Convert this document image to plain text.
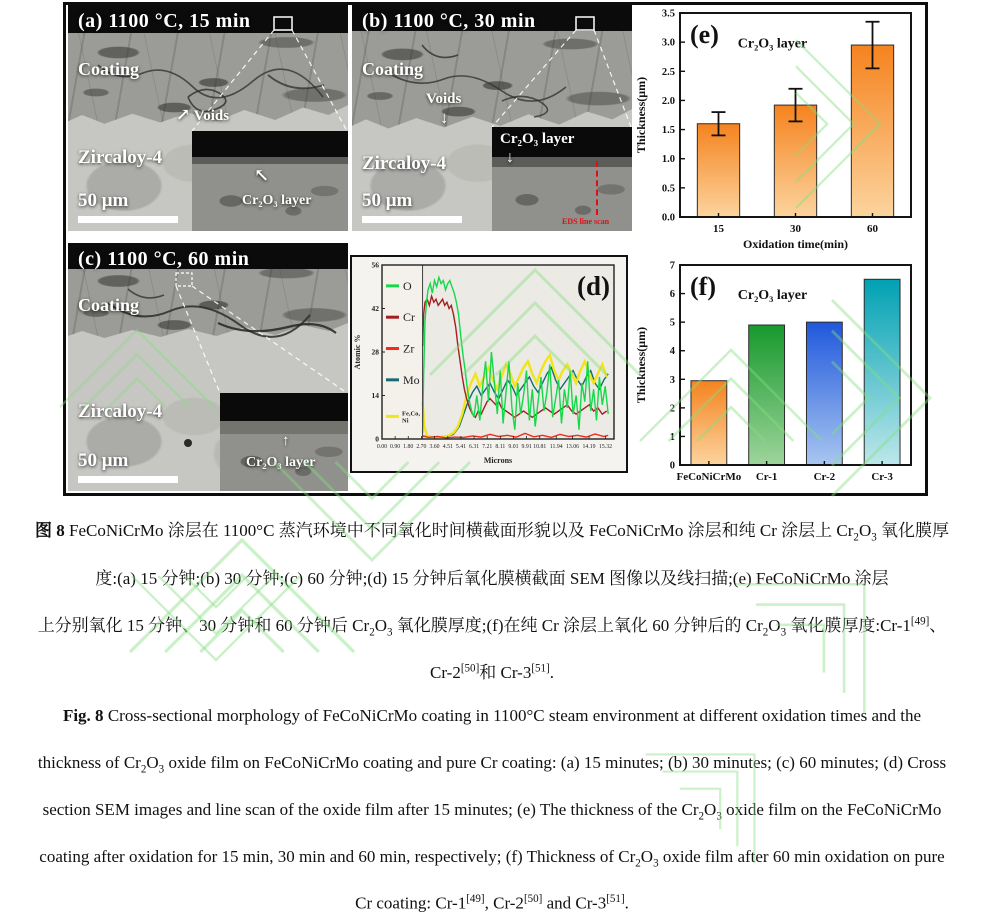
(a) 1100 °C, 15 min
Coating
↗ Voids
Zircaloy-4
↖
Cr₂O₃ layer
50 μm
(b) 1100 °C, 30 min
Coating
Voids
↓
Zircaloy-4
Cr₂O₃ layer
↓
EDS line scan
50 μm
15	30	60
0.0
0.5
1.0
1.5
2.0
2.5
3.0
3.5
Oxidation time(min)
Thickness(μm)
(e) Cr₂O₃ layer
(c) 1100 °C, 60 min
Coating
Zircaloy-4
↑
Cr₂O₃ layer
50 μm
0
14
28
42
56
0.00 0.90 1.80 2.70 3.60 4.51 5.41 6.31 7.21 8.11 9.01 9.91 10.81 11.94 13.06 14.19 15.32
Microns
Atomic %
O
Cr
Zr
Mo
Fe,Co,
Ni
(d)
FeCoNiCrMo Cr-1	Cr-2	Cr-3
0
1
2
3
4
5
6
7
Thickness(μm)
(f) Cr₂O₃ layer
图 8 FeCoNiCrMo 涂层在 1100°C 蒸汽环境中不同氧化时间横截面形貌以及 FeCoNiCrMo 涂层和纯 Cr 涂层上 $Cr_2O_3$ 氧化膜厚
度:(a) 15 分钟;(b) 30 分钟;(c) 60 分钟;(d) 15 分钟后氧化膜横截面 SEM 图像以及线扫描;(e) FeCoNiCrMo 涂层
上分别氧化 15 分钟、30 分钟和 60 分钟后 $Cr_2O_3$ 氧化膜厚度;(f)在纯 Cr 涂层上氧化 60 分钟后的 $Cr_2O_3$ 氧化膜厚度:Cr-1[49]、
Cr-2[50]和 Cr-3[51].
Fig. 8 Cross-sectional morphology of FeCoNiCrMo coating in 1100°C steam environment at different oxidation times and the
thickness of $Cr_2O_3$ oxide film on FeCoNiCrMo coating and pure Cr coating: (a) 15 minutes; (b) 30 minutes; (c) 60 minutes; (d) Cross
section SEM images and line scan of the oxide film after 15 minutes; (e) The thickness of the $Cr_2O_3$ oxide film on the FeCoNiCrMo
coating after oxidation for 15 min, 30 min and 60 min, respectively; (f) Thickness of $Cr_2O_3$ oxide film after 60 min oxidation on pure
Cr coating: Cr-1[49], Cr-2[50] and Cr-3[51].
